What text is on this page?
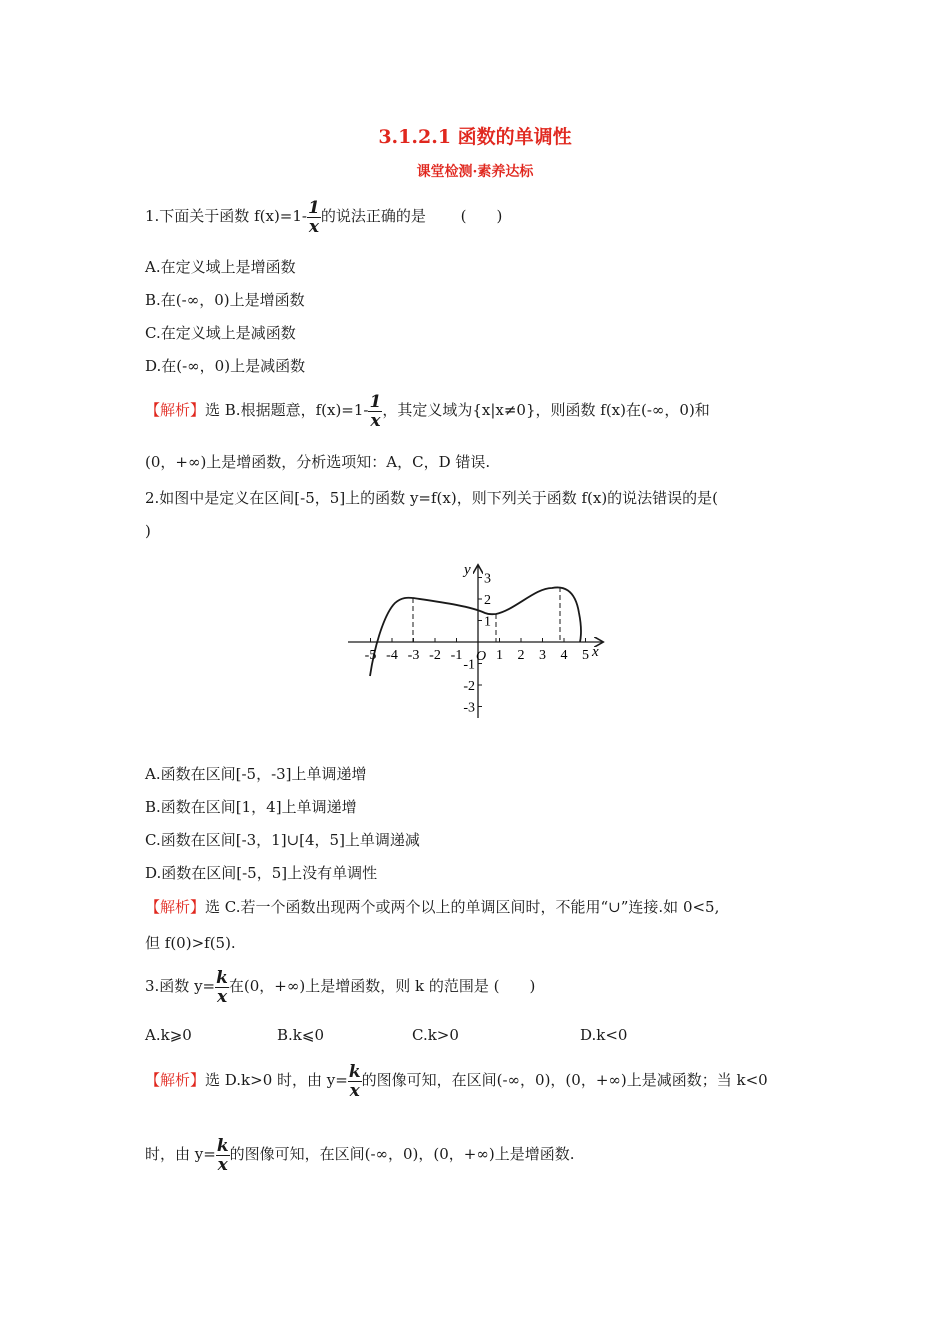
3.1.2.1 函数的单调性
课堂检测·素养达标
1.下面关于函数 $f(x)=1- \frac{1}{x}$ 的说法正确的是 (　　)
A.在定义域上是增函数
B.在(-∞，0)上是增函数
C.在定义域上是减函数
D.在(-∞，0)上是减函数
【解析】选 B.根据题意，$f(x)=1- \frac{1}{x}$ ，其定义域为{x|x≠0}，则函数 f(x)在(-∞，0)和
(0，+∞)上是增函数，分析选项知：A，C，D 错误.
2.如图中是定义在区间[-5，5]上的函数 y=f(x)，则下列关于函数 f(x)的说法错误的是(
)
y
x
O
-5 -4 -3 -2 -1 1 2 3 4 5
3
2
1
-1
-2
-3
A.函数在区间[-5，-3]上单调递增
B.函数在区间[1，4]上单调递增
C.函数在区间[-3，1]∪[4，5]上单调递减
D.函数在区间[-5，5]上没有单调性
【解析】选 C.若一个函数出现两个或两个以上的单调区间时，不能用“∪”连接.如 0<5,
但 f(0)>f(5).
3.函数 $y= \frac{k}{x}$ 在(0，+∞)上是增函数，则 k 的范围是 (　　)
A.k⩾0	B.k⩽0	C.k>0	D.k<0
【解析】选 D.k>0 时，由 $y= \frac{k}{x}$ 的图像可知，在区间(-∞，0)，(0，+∞)上是减函数；当 k<0
时，由 $y= \frac{k}{x}$ 的图像可知，在区间(-∞，0)，(0，+∞)上是增函数.
